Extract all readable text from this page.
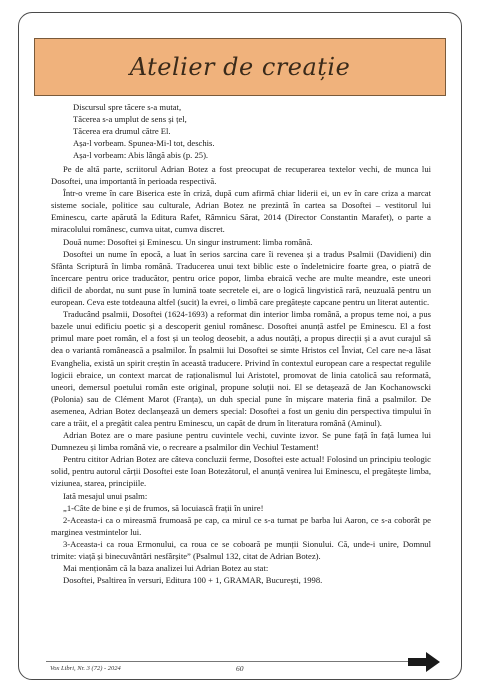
Atelier de creație
Discursul spre tăcere s-a mutat,
Tăcerea s-a umplut de sens și țel,
Tăcerea era drumul către El.
Așa-l vorbeam. Spunea-Mi-l tot, deschis.
Așa-l vorbeam: Abis lângă abis (p. 25).

Pe de altă parte, scriitorul Adrian Botez a fost preocupat de recuperarea textelor vechi, de munca lui Dosoftei, una importantă în perioada respectivă.

Într-o vreme în care Biserica este în criză, după cum afirmă chiar liderii ei, un ev în care criza a marcat sisteme sociale, politice sau culturale, Adrian Botez ne prezintă în cartea sa Dosoftei – vestitorul lui Eminescu, carte apărută la Editura Rafet, Râmnicu Sărat, 2014 (Director Constantin Marafet), o parte a miracolului românesc, cumva uitat, cumva discret.

Două nume: Dosoftei și Eminescu. Un singur instrument: limba română.

Dosoftei un nume în epocă, a luat în serios sarcina care îi revenea și a tradus Psalmii (Davidieni) din Sfânta Scriptură în limba română. Traducerea unui text biblic este o îndeletnicire foarte grea, o piatră de încercare pentru orice traducător, pentru orice popor, limba ebraică veche are multe meandre, este uneori dificil de abordat, nu sunt puse în lumină toate secretele ei, are o logică lingvistică rară, neuzuală pentru un european. Ceva este totdeauna altfel (sucit) la evrei, o limbă care pregătește capcane pentru un literat autentic.

Traducând psalmii, Dosoftei (1624-1693) a reformat din interior limba română, a propus teme noi, a pus bazele unui edificiu poetic și a descoperit geniul românesc. Dosoftei anunță astfel pe Eminescu. El a fost primul mare poet român, el a fost și un teolog deosebit, a adus noutăți, a propus direcții și a avut curajul să dea o variantă românească a psalmilor. În psalmii lui Dosoftei se simte Hristos cel Înviat, Cel care ne-a lăsat Evanghelia, există un spirit creștin în această traducere. Privind în contextul european care a respectat regulile logicii ebraice, un context marcat de raționalismul lui Aristotel, promovat de linia catolică sau reformată, uneori, demersul poetului român este original, propune soluții noi. El se detașează de Jan Kochanowscki (Polonia) sau de Clément Marot (Franța), un duh special pune în mișcare materia fină a psalmilor. De asemenea, Adrian Botez declanșează un demers special: Dosoftei a fost un geniu din perspectiva timpului în care a trăit, el a pregătit calea pentru Eminescu, un capăt de drum în literatura română (Aminul).

Adrian Botez are o mare pasiune pentru cuvintele vechi, cuvinte izvor. Se pune față în față lumea lui Dumnezeu și limba română vie, o recreare a psalmilor din Vechiul Testament!

Pentru cititor Adrian Botez are câteva concluzii ferme, Dosoftei este actual! Folosind un principiu teologic solid, pentru autorul cărții Dosoftei este Ioan Botezătorul, el anunță venirea lui Eminescu, el pregătește limba, viziunea, starea, principiile.

Iată mesajul unui psalm:

„1-Câte de bine e și de frumos, să locuiască frații în unire!

2-Aceasta-i ca o mireasmă frumoasă pe cap, ca mirul ce s-a turnat pe barba lui Aaron, ce s-a coborât pe marginea vestmintelor lui.

3-Aceasta-i ca roua Ermonului, ca roua ce se coboară pe munții Sionului. Că, unde-i unire, Domnul trimite: viață și binecuvântări nesfârșite” (Psalmul 132, citat de Adrian Botez).

Mai menționăm că la baza analizei lui Adrian Botez au stat:

Dosoftei, Psaltirea în versuri, Editura 100 + 1, GRAMAR, București, 1998.

Vox Libri, Nr. 3 (72) - 2024	60
